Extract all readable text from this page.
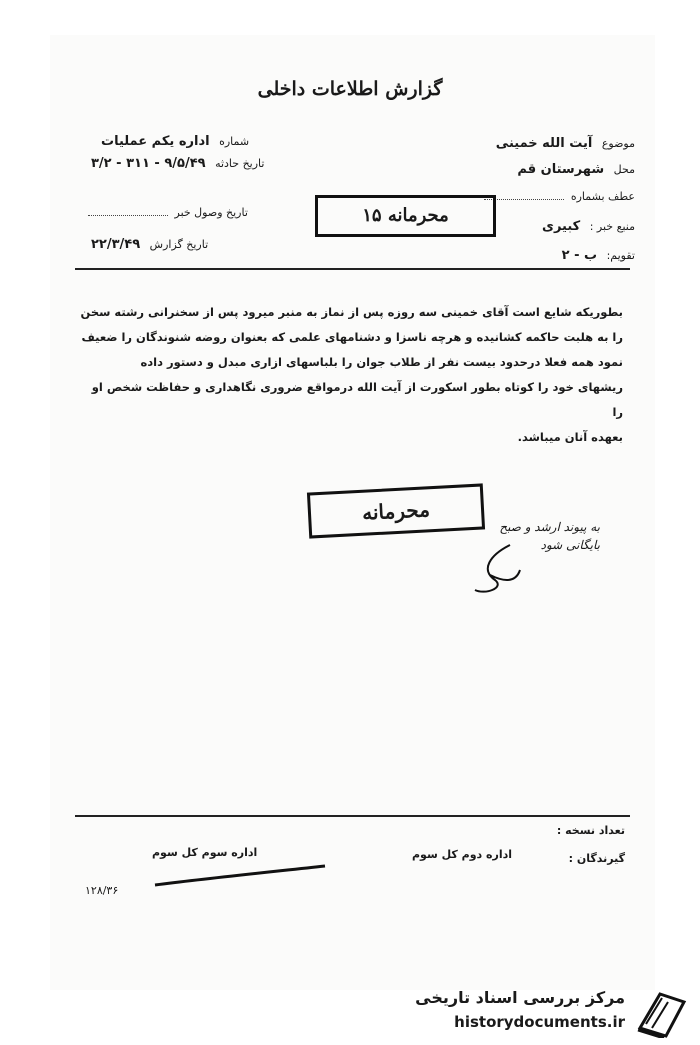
گزارش اطلاعات داخلی
موضوع آیت الله خمینی
محل شهرستان قم
عطف بشماره
منبع خبر : کبیری
تقویم: ب - ۲
شماره اداره یکم عملیات
تاریخ حادثه ۹/۵/۴۹ - ۳۱۱ - ۳/۲
تاریخ وصول خبر
تاریخ گزارش ۲۲/۳/۴۹
محرمانه ۱۵

بطوریکه شایع است آقای خمینی سه روزه پس از نماز به منبر میرود پس از سخنرانی رشته سخن

را به هلبت حاکمه کشانیده و هرچه ناسزا و دشنامهای علمی که بعنوان روضه شنوندگان را ضعیف

نمود همه فعلا درحدود بیست نفر از طلاب جوان را بلباسهای ازاری مبدل و دستور داده

ریشهای خود را کوتاه بطور اسکورت از آیت الله درمواقع ضروری نگاهداری و حفاظت شخص او را

بعهده آنان میباشد.

محرمانه
به پیوند ارشد و صبح
بایگانی شود
تعداد نسخه :
گیرندگان :
اداره دوم کل سوم
اداره سوم کل سوم
۱۲۸/۳۶
مرکز بررسی اسناد تاریخی
historydocuments.ir
